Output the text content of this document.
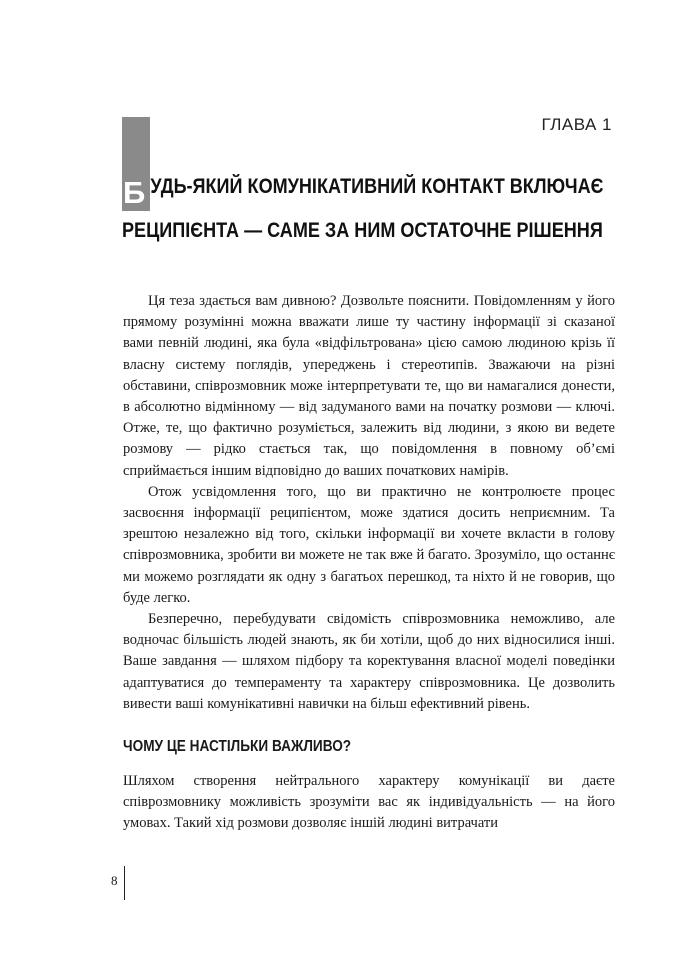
ГЛАВА 1
Б УДЬ-ЯКИЙ КОМУНІКАТИВНИЙ КОНТАКТ ВКЛЮЧАЄ
РЕЦИПІЄНТА — САМЕ ЗА НИМ ОСТАТОЧНЕ РІШЕННЯ

Ця теза здається вам дивною? Дозвольте пояснити. Повідомленням у його прямому розумінні можна вважати лише ту частину інформації зі сказаної вами певній людині, яка була «відфільтрована» цією самою людиною крізь її власну систему поглядів, упереджень і стереотипів. Зважаючи на різні обставини, співрозмовник може інтерпретувати те, що ви намагалися донести, в абсолютно відмінному — від задуманого вами на початку розмови — ключі. Отже, те, що фактично розуміється, залежить від людини, з якою ви ведете розмову — рідко стається так, що повідомлення в повному об’ємі сприймається іншим відповідно до ваших початкових намірів.

Отож усвідомлення того, що ви практично не контролюєте процес засвоєння інформації реципієнтом, може здатися досить неприємним. Та зрештою незалежно від того, скільки інформації ви хочете вкласти в голову співрозмовника, зробити ви можете не так вже й багато. Зрозуміло, що останнє ми можемо розглядати як одну з багатьох перешкод, та ніхто й не говорив, що буде легко.

Безперечно, перебудувати свідомість співрозмовника неможливо, але водночас більшість людей знають, як би хотіли, щоб до них відносилися інші. Ваше завдання — шляхом підбору та коректування власної моделі поведінки адаптуватися до темпераменту та характеру співрозмовника. Це дозволить вивести ваші комунікативні навички на більш ефективний рівень.

ЧОМУ ЦЕ НАСТІЛЬКИ ВАЖЛИВО?

Шляхом створення нейтрального характеру комунікації ви даєте співрозмовнику можливість зрозуміти вас як індивідуальність — на його умовах. Такий хід розмови дозволяє іншій людині витрачати

8
